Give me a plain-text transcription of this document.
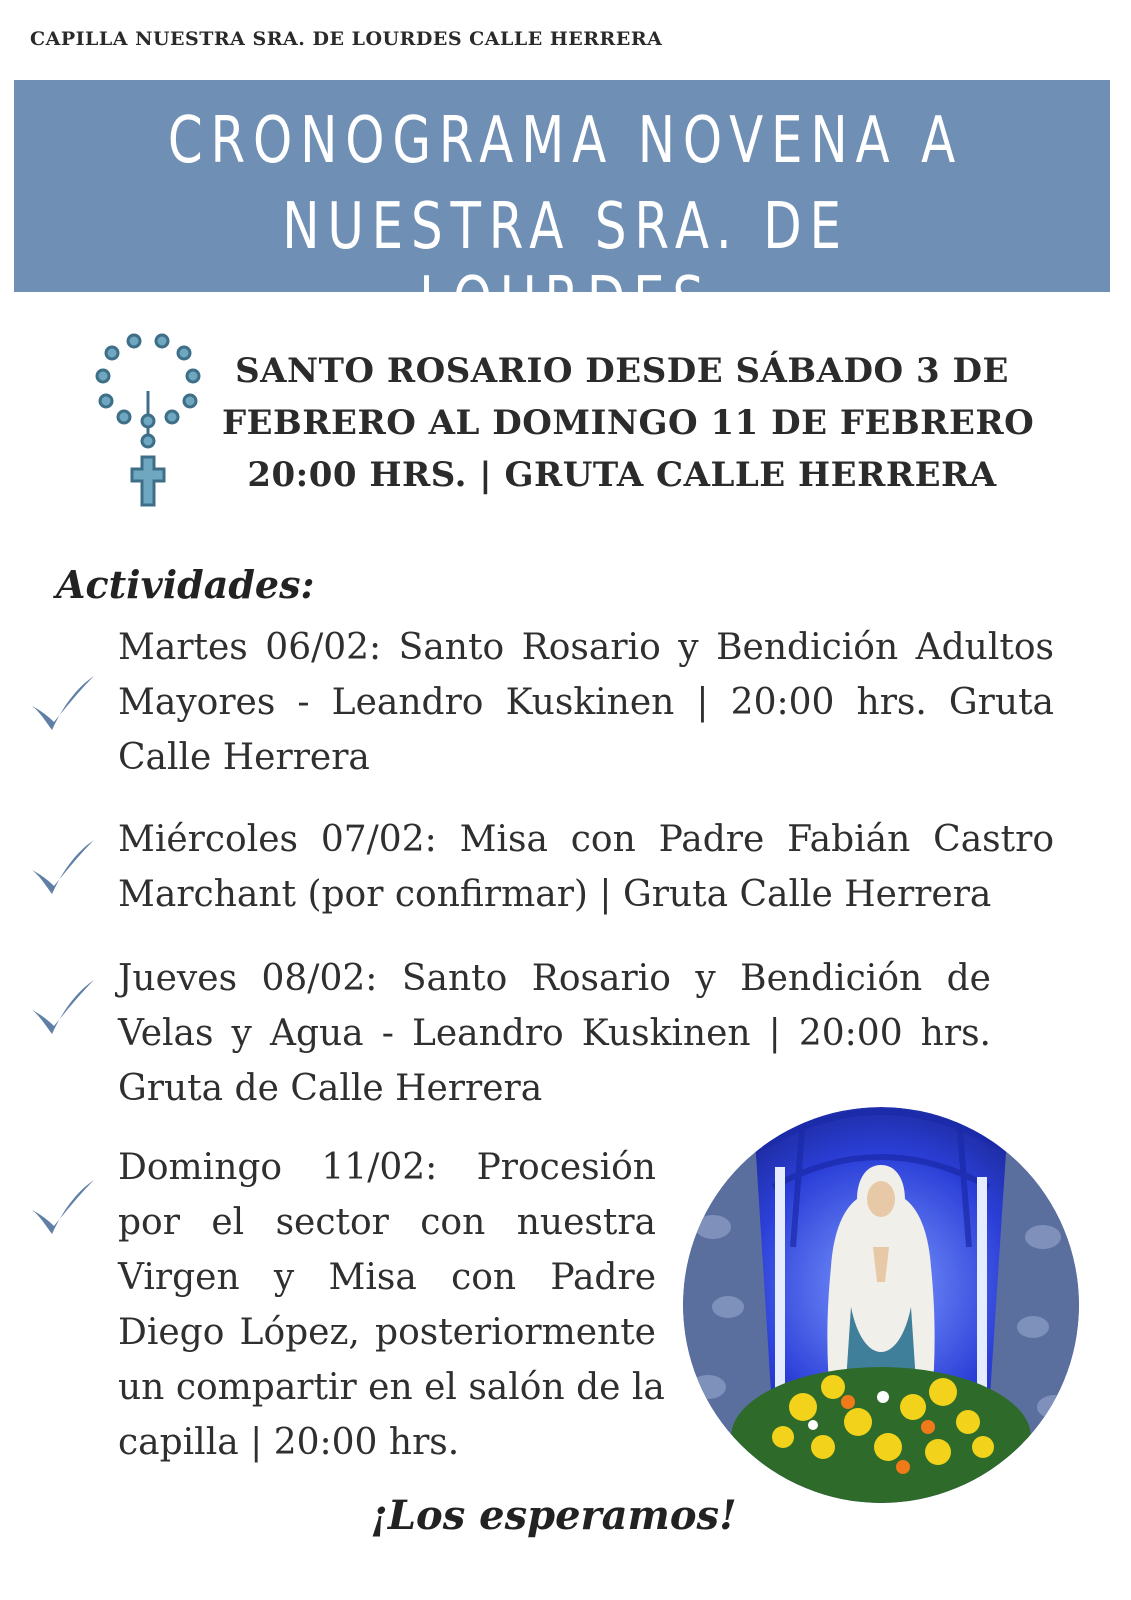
CAPILLA NUESTRA SRA. DE LOURDES CALLE HERRERA
CRONOGRAMA NOVENA A
NUESTRA SRA. DE LOURDES
SANTO ROSARIO DESDE SÁBADO 3 DE
FEBRERO AL DOMINGO 11 DE FEBRERO
20:00 HRS. | GRUTA CALLE HERRERA
Actividades:
Martes 06/02: Santo Rosario y Bendición Adultos
Mayores - Leandro Kuskinen | 20:00 hrs. Gruta
Calle Herrera
Miércoles 07/02: Misa con Padre Fabián Castro
Marchant (por confirmar) | Gruta Calle Herrera
Jueves 08/02: Santo Rosario y Bendición de
Velas y Agua - Leandro Kuskinen | 20:00 hrs.
Gruta de Calle Herrera
Domingo 11/02: Procesión
por el sector con nuestra
Virgen y Misa con Padre
Diego López, posteriormente
un compartir en el salón de la
capilla | 20:00 hrs.
¡Los esperamos!
